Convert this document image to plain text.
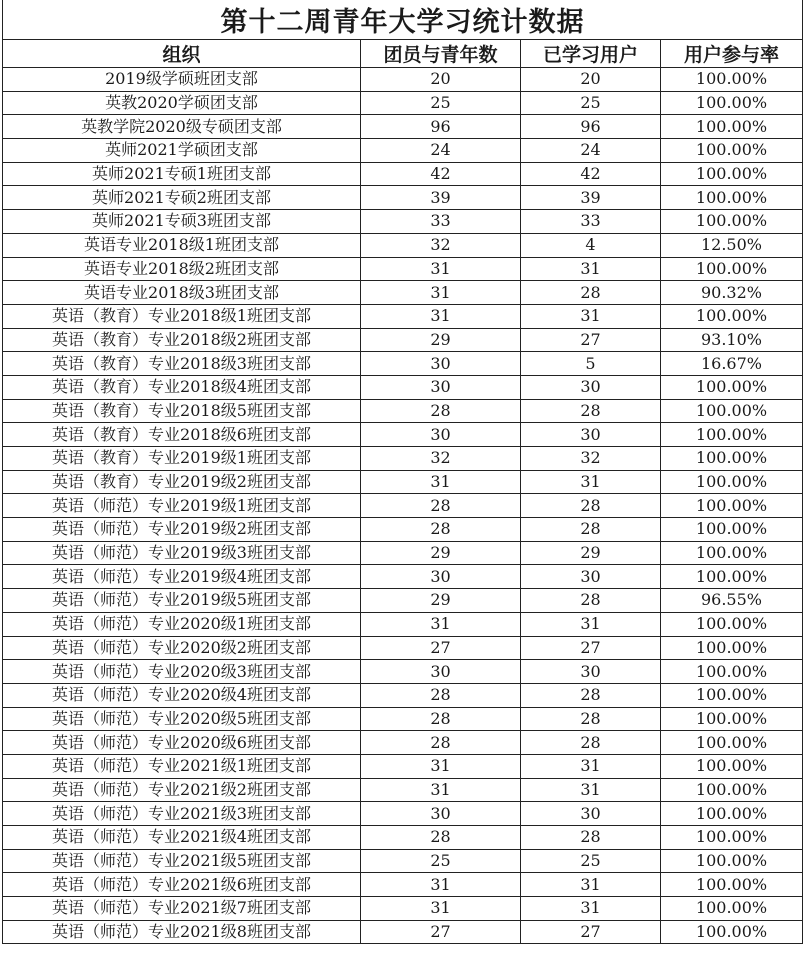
第十二周青年大学习统计数据			
组织	团员与青年数	已学习用户	用户参与率
2019级学硕班团支部	20	20	100.00%
英教2020学硕团支部	25	25	100.00%
英教学院2020级专硕团支部	96	96	100.00%
英师2021学硕团支部	24	24	100.00%
英师2021专硕1班团支部	42	42	100.00%
英师2021专硕2班团支部	39	39	100.00%
英师2021专硕3班团支部	33	33	100.00%
英语专业2018级1班团支部	32	4	12.50%
英语专业2018级2班团支部	31	31	100.00%
英语专业2018级3班团支部	31	28	90.32%
英语（教育）专业2018级1班团支部	31	31	100.00%
英语（教育）专业2018级2班团支部	29	27	93.10%
英语（教育）专业2018级3班团支部	30	5	16.67%
英语（教育）专业2018级4班团支部	30	30	100.00%
英语（教育）专业2018级5班团支部	28	28	100.00%
英语（教育）专业2018级6班团支部	30	30	100.00%
英语（教育）专业2019级1班团支部	32	32	100.00%
英语（教育）专业2019级2班团支部	31	31	100.00%
英语（师范）专业2019级1班团支部	28	28	100.00%
英语（师范）专业2019级2班团支部	28	28	100.00%
英语（师范）专业2019级3班团支部	29	29	100.00%
英语（师范）专业2019级4班团支部	30	30	100.00%
英语（师范）专业2019级5班团支部	29	28	96.55%
英语（师范）专业2020级1班团支部	31	31	100.00%
英语（师范）专业2020级2班团支部	27	27	100.00%
英语（师范）专业2020级3班团支部	30	30	100.00%
英语（师范）专业2020级4班团支部	28	28	100.00%
英语（师范）专业2020级5班团支部	28	28	100.00%
英语（师范）专业2020级6班团支部	28	28	100.00%
英语（师范）专业2021级1班团支部	31	31	100.00%
英语（师范）专业2021级2班团支部	31	31	100.00%
英语（师范）专业2021级3班团支部	30	30	100.00%
英语（师范）专业2021级4班团支部	28	28	100.00%
英语（师范）专业2021级5班团支部	25	25	100.00%
英语（师范）专业2021级6班团支部	31	31	100.00%
英语（师范）专业2021级7班团支部	31	31	100.00%
英语（师范）专业2021级8班团支部	27	27	100.00%
